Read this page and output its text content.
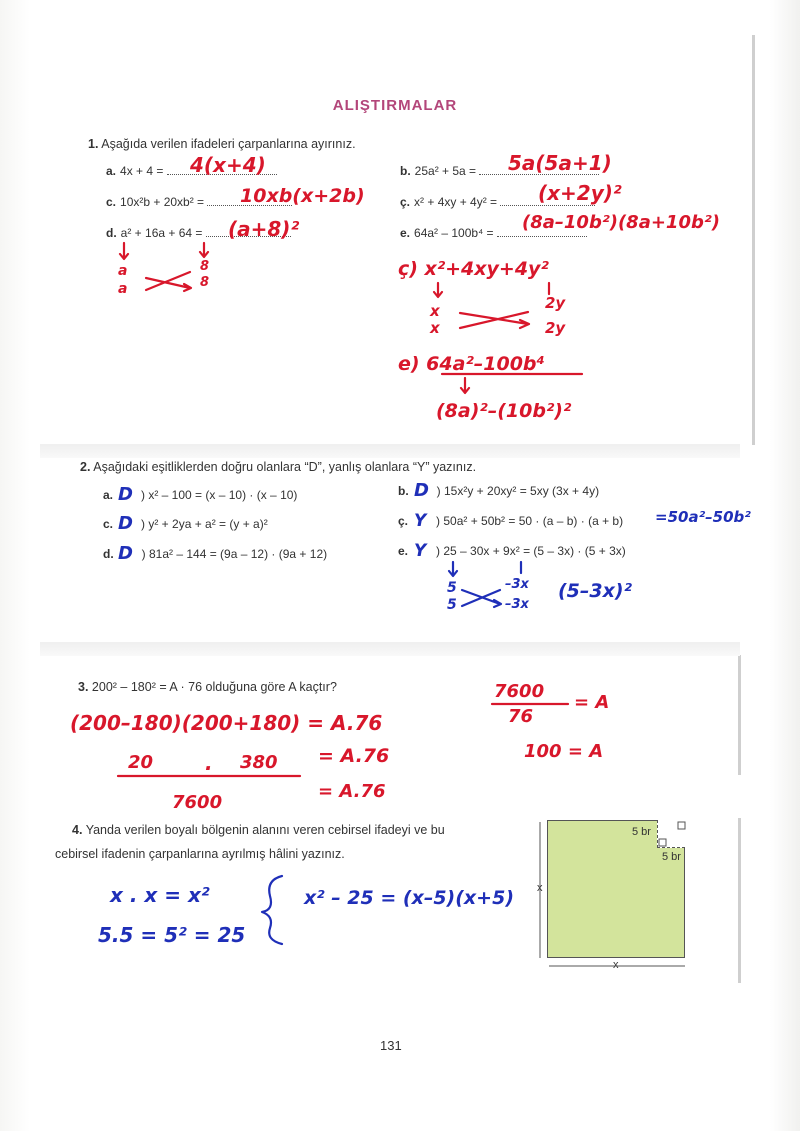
ALIŞTIRMALAR
1. Aşağıda verilen ifadeleri çarpanlarına ayırınız.
a. 4x + 4 =	b. 25a² + 5a =
c. 10x²b + 20xb² =	ç. x² + 4xy + 4y² =
d. a² + 16a + 64 =	e. 64a² – 100b⁴ =
2. Aşağıdaki eşitliklerden doğru olanlara “D”, yanlış olanlara “Y” yazınız.
a. ) x² – 100 = (x – 10) · (x – 10)	b. ) 15x²y + 20xy² = 5xy (3x + 4y)
c. ) y² + 2ya + a² = (y + a)²	ç. ) 50a² + 50b² = 50 · (a – b) · (a + b)
d. ) 81a² – 144 = (9a – 12) · (9a + 12)	e. ) 25 – 30x + 9x² = (5 – 3x) · (5 + 3x)
3. 200² – 180² = A · 76 olduğuna göre A kaçtır?
4. Yanda verilen boyalı bölgenin alanını veren cebirsel ifadeyi ve bu
cebirsel ifadenin çarpanlarına ayrılmış hâlini yazınız.
5 br
5 br
x
x
131
4(x+4)	5a(5a+1)
10xb(x+2b)	(x+2y)²
(a+8)²	(8a–10b²)(8a+10b²)
a
a
8
8
ç) x²+4xy+4y²
x
x
2y
2y
e) 64a²–100b⁴
(8a)²–(10b²)²
D	D
D	Y
D	Y
=50a²–50b²
5
5
–3x
–3x
(5–3x)²
(200–180)(200+180) = A.76
20	. 380 = A.76
7600
= A.76
7600
76
= A
100 = A
x . x = x²
5.5 = 5² = 25
x² – 25 = (x–5)(x+5)
